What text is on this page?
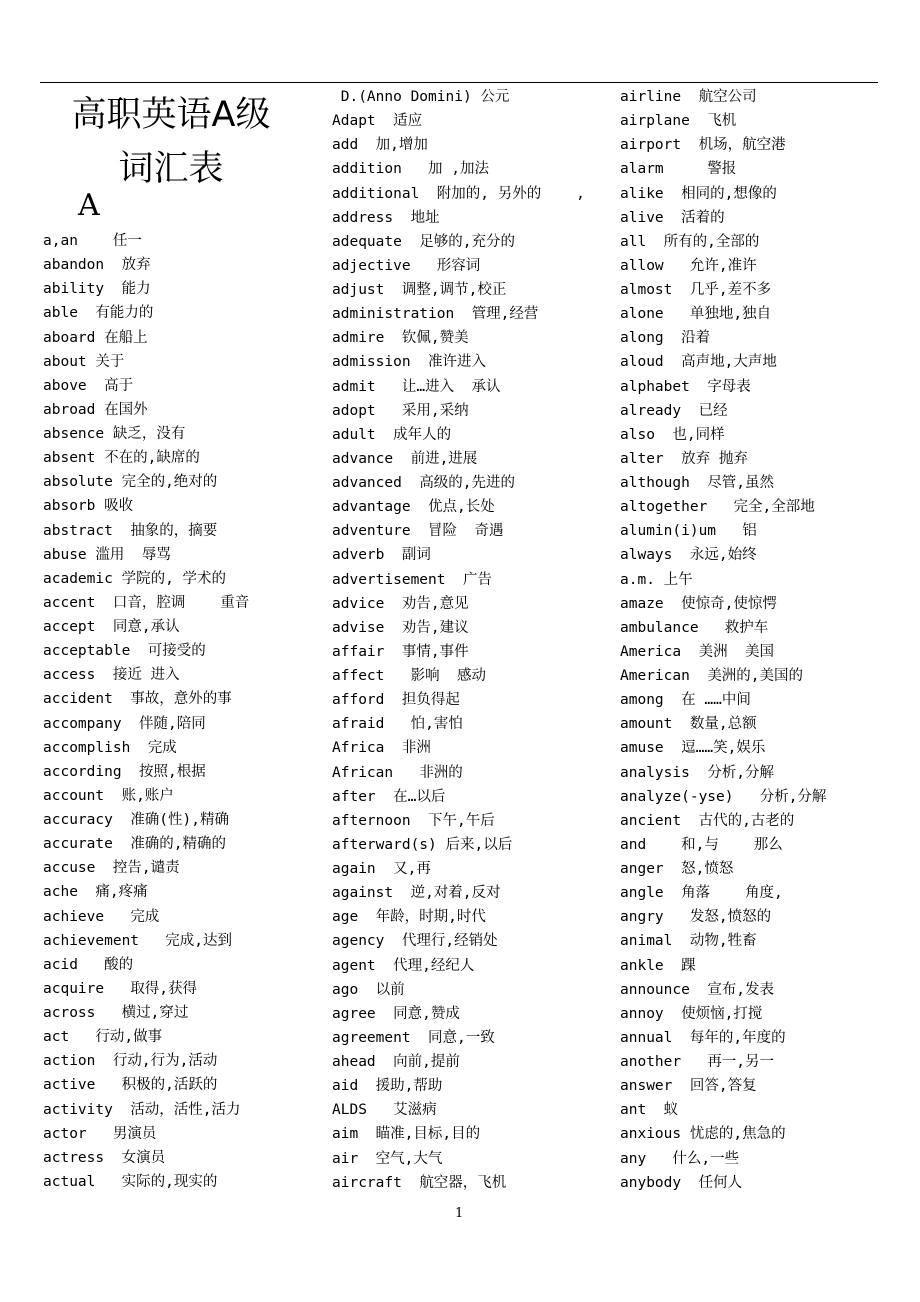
高职英语A级
词汇表
A
a,an 任一
abandon 放弃
ability 能力
able 有能力的
aboard 在船上
about 关于
above 高于
abroad 在国外
absence 缺乏，没有
absent 不在的,缺席的
absolute 完全的,绝对的
absorb 吸收
abstract 抽象的，摘要
abuse 滥用  辱骂
academic 学院的, 学术的
accent 口音，腔调    重音
accept 同意,承认
acceptable 可接受的
access 接近 进入
accident 事故，意外的事
accompany 伴随,陪同
accomplish 完成
according 按照,根据
account 账,账户
accuracy 准确(性),精确
accurate 准确的,精确的
accuse 控告,谴责
ache 痛,疼痛
achieve 完成
achievement 完成,达到
acid 酸的
acquire 取得,获得
across 横过,穿过
act 行动,做事
action 行动,行为,活动
active 积极的,活跃的
activity 活动，活性,活力
actor 男演员
actress 女演员
actual 实际的,现实的
D.(Anno Domini) 公元
Adapt 适应
add 加,增加
addition 加 ,加法
additional 附加的, 另外的    ,
address 地址
adequate 足够的,充分的
adjective 形容词
adjust 调整,调节,校正
administration 管理,经营
admire 钦佩,赞美
admission 准许进入
admit 让…进入  承认
adopt 采用,采纳
adult 成年人的
advance 前进,进展
advanced 高级的,先进的
advantage 优点,长处
adventure 冒险  奇遇
adverb 副词
advertisement 广告
advice 劝告,意见
advise 劝告,建议
affair 事情,事件
affect 影响  感动
afford 担负得起
afraid 怕,害怕
Africa 非洲
African 非洲的
after 在…以后
afternoon 下午,午后
afterward(s) 后来,以后
again 又,再
against 逆,对着,反对
age 年龄，时期,时代
agency 代理行,经销处
agent 代理,经纪人
ago 以前
agree 同意,赞成
agreement 同意,一致
ahead 向前,提前
aid 援助,帮助
ALDS 艾滋病
aim 瞄准,目标,目的
air 空气,大气
aircraft 航空器，飞机
airline 航空公司
airplane 飞机
airport 机场，航空港
alarm	警报
alike 相同的,想像的
alive 活着的
all 所有的,全部的
allow 允许,准许
almost 几乎,差不多
alone 单独地,独自
along 沿着
aloud 高声地,大声地
alphabet 字母表
already 已经
also 也,同样
alter 放弃 抛弃
although 尽管,虽然
altogether 完全,全部地
alumin(i)um 铝
always 永远,始终
a.m. 上午
amaze 使惊奇,使惊愕
ambulance 救护车
America 美洲  美国
American 美洲的,美国的
among 在 ……中间
amount 数量,总额
amuse 逗……笑,娱乐
analysis 分析,分解
analyze(-yse) 分析,分解
ancient 古代的,古老的
and 和,与    那么
anger 怒,愤怒
angle 角落    角度,
angry 发怒,愤怒的
animal 动物,牲畜
ankle 踝
announce 宣布,发表
annoy 使烦恼,打搅
annual 每年的,年度的
another 再一,另一
answer 回答,答复
ant 蚁
anxious 忧虑的,焦急的
any 什么,一些
anybody 任何人
1
